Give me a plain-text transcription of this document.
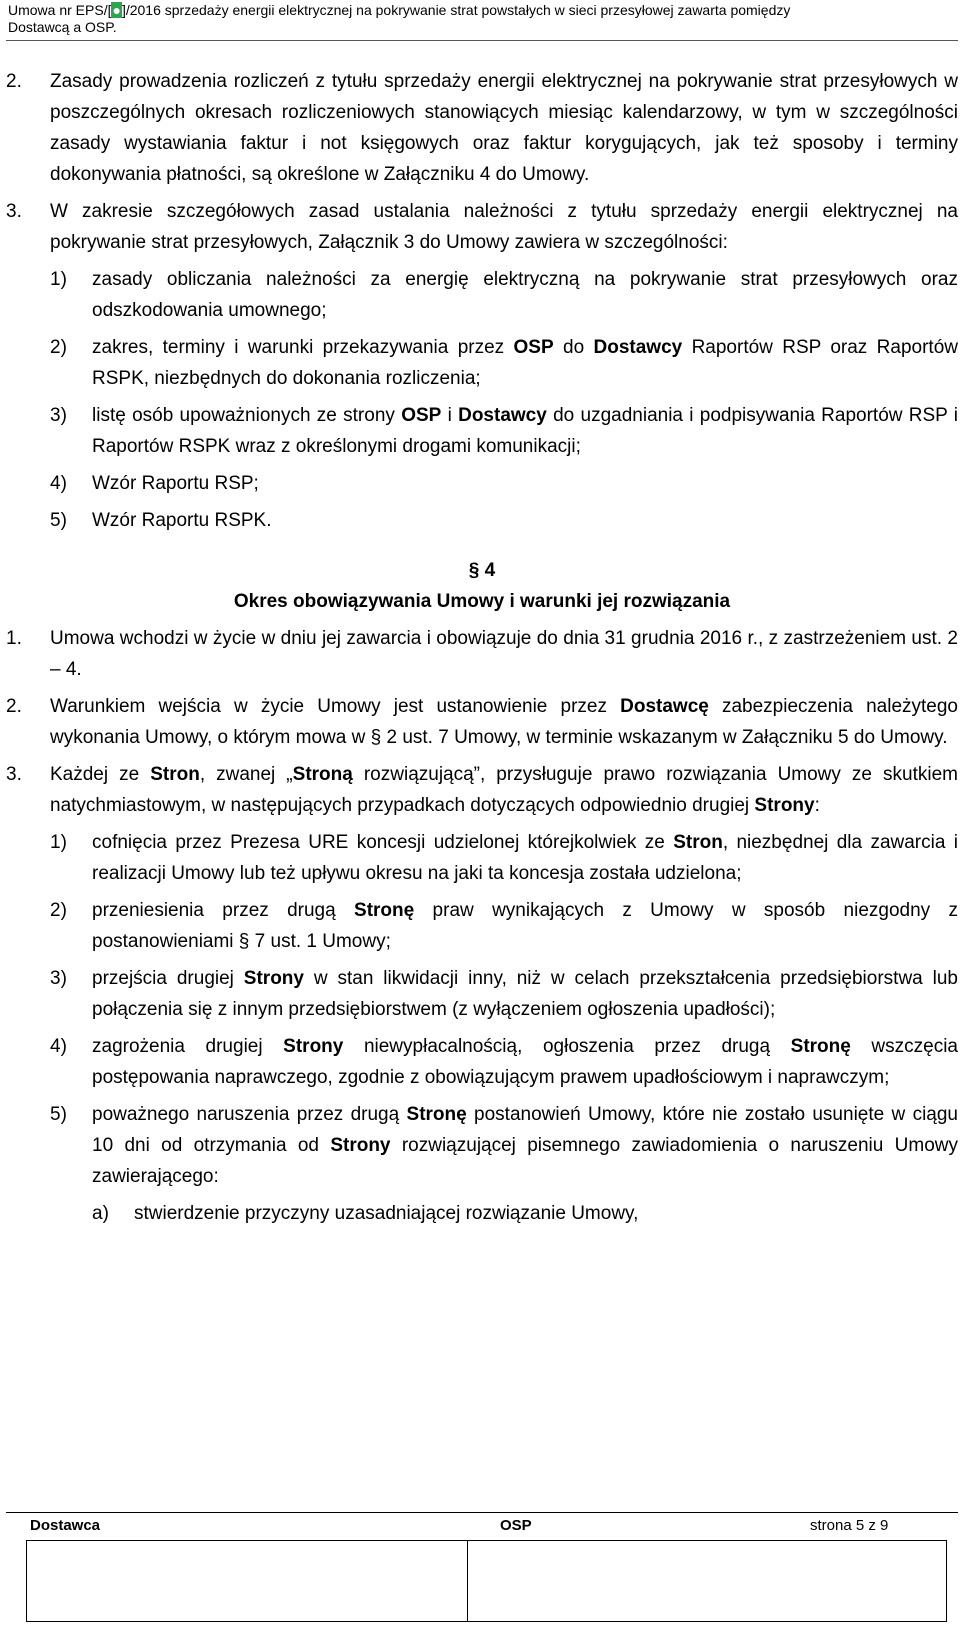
Umowa nr EPS/[●]/2016 sprzedaży energii elektrycznej na pokrywanie strat powstałych w sieci przesyłowej zawarta pomiędzy
Dostawcą a OSP.
2.	Zasady prowadzenia rozliczeń z tytułu sprzedaży energii elektrycznej na pokrywanie strat przesyłowych w poszczególnych okresach rozliczeniowych stanowiących miesiąc kalendarzowy, w tym w szczególności zasady wystawiania faktur i not księgowych oraz faktur korygujących, jak też sposoby i terminy dokonywania płatności, są określone w Załączniku 4 do Umowy.
3.	W zakresie szczegółowych zasad ustalania należności z tytułu sprzedaży energii elektrycznej na pokrywanie strat przesyłowych, Załącznik 3 do Umowy zawiera w szczególności:
1)	zasady obliczania należności za energię elektryczną na pokrywanie strat przesyłowych oraz odszkodowania umownego;
2)	zakres, terminy i warunki przekazywania przez OSP do Dostawcy Raportów RSP oraz Raportów RSPK, niezbędnych do dokonania rozliczenia;
3)	listę osób upoważnionych ze strony OSP i Dostawcy do uzgadniania i podpisywania Raportów RSP i Raportów RSPK wraz z określonymi drogami komunikacji;
4)	Wzór Raportu RSP;
5)	Wzór Raportu RSPK.
§ 4
Okres obowiązywania Umowy i warunki jej rozwiązania
1.	Umowa wchodzi w życie w dniu jej zawarcia i obowiązuje do dnia 31 grudnia 2016 r., z zastrzeżeniem ust. 2 – 4.
2.	Warunkiem wejścia w życie Umowy jest ustanowienie przez Dostawcę zabezpieczenia należytego wykonania Umowy, o którym mowa w § 2 ust. 7 Umowy, w terminie wskazanym w Załączniku 5 do Umowy.
3.	Każdej ze Stron, zwanej „Stroną rozwiązującą”, przysługuje prawo rozwiązania Umowy ze skutkiem natychmiastowym, w następujących przypadkach dotyczących odpowiednio drugiej Strony:
1)	cofnięcia przez Prezesa URE koncesji udzielonej którejkolwiek ze Stron, niezbędnej dla zawarcia i realizacji Umowy lub też upływu okresu na jaki ta koncesja została udzielona;
2)	przeniesienia przez drugą Stronę praw wynikających z Umowy w sposób niezgodny z postanowieniami § 7 ust. 1 Umowy;
3)	przejścia drugiej Strony w stan likwidacji inny, niż w celach przekształcenia przedsiębiorstwa lub połączenia się z innym przedsiębiorstwem (z wyłączeniem ogłoszenia upadłości);
4)	zagrożenia drugiej Strony niewypłacalnością, ogłoszenia przez drugą Stronę wszczęcia postępowania naprawczego, zgodnie z obowiązującym prawem upadłościowym i naprawczym;
5)	poważnego naruszenia przez drugą Stronę postanowień Umowy, które nie zostało usunięte w ciągu 10 dni od otrzymania od Strony rozwiązującej pisemnego zawiadomienia o naruszeniu Umowy zawierającego:
a)	stwierdzenie przyczyny uzasadniającej rozwiązanie Umowy,
Dostawca	OSP	strona 5 z 9
